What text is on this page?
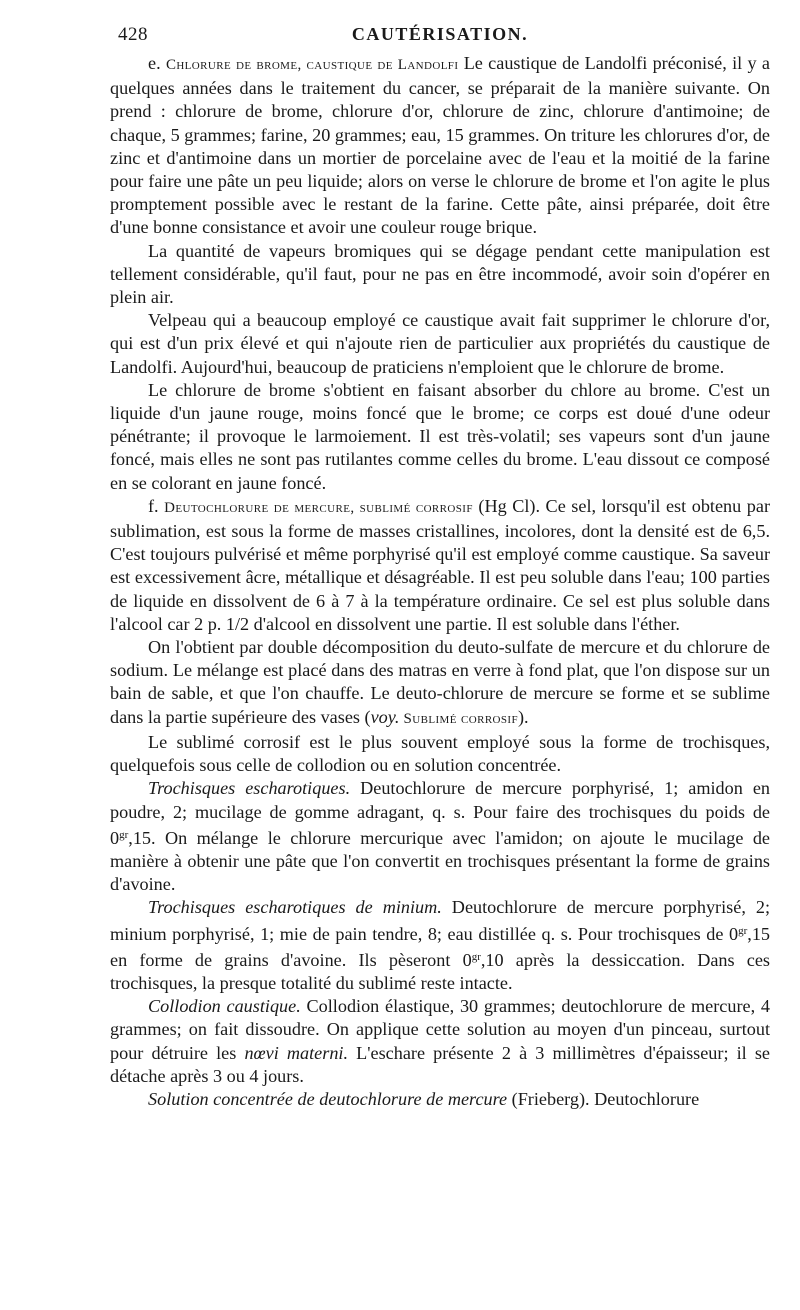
428	CAUTÉRISATION.

e. Chlorure de brome, caustique de Landolfi Le caustique de Landolfi préconisé, il y a quelques années dans le traitement du cancer, se préparait de la manière suivante. On prend : chlorure de brome, chlorure d'or, chlorure de zinc, chlorure d'antimoine; de chaque, 5 grammes; farine, 20 grammes; eau, 15 grammes. On triture les chlorures d'or, de zinc et d'antimoine dans un mortier de porcelaine avec de l'eau et la moitié de la farine pour faire une pâte un peu liquide; alors on verse le chlorure de brome et l'on agite le plus promptement possible avec le restant de la farine. Cette pâte, ainsi préparée, doit être d'une bonne consistance et avoir une couleur rouge brique.

La quantité de vapeurs bromiques qui se dégage pendant cette manipulation est tellement considérable, qu'il faut, pour ne pas en être incommodé, avoir soin d'opérer en plein air.

Velpeau qui a beaucoup employé ce caustique avait fait supprimer le chlorure d'or, qui est d'un prix élevé et qui n'ajoute rien de particulier aux propriétés du caustique de Landolfi. Aujourd'hui, beaucoup de praticiens n'emploient que le chlorure de brome.

Le chlorure de brome s'obtient en faisant absorber du chlore au brome. C'est un liquide d'un jaune rouge, moins foncé que le brome; ce corps est doué d'une odeur pénétrante; il provoque le larmoiement. Il est très-volatil; ses vapeurs sont d'un jaune foncé, mais elles ne sont pas rutilantes comme celles du brome. L'eau dissout ce composé en se colorant en jaune foncé.

f. Deutochlorure de mercure, sublimé corrosif (Hg Cl). Ce sel, lorsqu'il est obtenu par sublimation, est sous la forme de masses cristallines, incolores, dont la densité est de 6,5. C'est toujours pulvérisé et même porphyrisé qu'il est employé comme caustique. Sa saveur est excessivement âcre, métallique et désagréable. Il est peu soluble dans l'eau; 100 parties de liquide en dissolvent de 6 à 7 à la température ordinaire. Ce sel est plus soluble dans l'alcool car 2 p. 1/2 d'alcool en dissolvent une partie. Il est soluble dans l'éther.

On l'obtient par double décomposition du deuto-sulfate de mercure et du chlorure de sodium. Le mélange est placé dans des matras en verre à fond plat, que l'on dispose sur un bain de sable, et que l'on chauffe. Le deuto-chlorure de mercure se forme et se sublime dans la partie supérieure des vases (voy. Sublimé corrosif).

Le sublimé corrosif est le plus souvent employé sous la forme de trochisques, quelquefois sous celle de collodion ou en solution concentrée.

Trochisques escharotiques. Deutochlorure de mercure porphyrisé, 1; amidon en poudre, 2; mucilage de gomme adragant, q. s. Pour faire des trochisques du poids de $0^{gr},15$. On mélange le chlorure mercurique avec l'amidon; on ajoute le mucilage de manière à obtenir une pâte que l'on convertit en trochisques présentant la forme de grains d'avoine.

Trochisques escharotiques de minium. Deutochlorure de mercure porphyrisé, 2; minium porphyrisé, 1; mie de pain tendre, 8; eau distillée q. s. Pour trochisques de $0^{gr},15$ en forme de grains d'avoine. Ils pèseront $0^{gr},10$ après la dessiccation. Dans ces trochisques, la presque totalité du sublimé reste intacte.

Collodion caustique. Collodion élastique, 30 grammes; deutochlorure de mercure, 4 grammes; on fait dissoudre. On applique cette solution au moyen d'un pinceau, surtout pour détruire les nœvi materni. L'eschare présente 2 à 3 millimètres d'épaisseur; il se détache après 3 ou 4 jours.

Solution concentrée de deutochlorure de mercure (Frieberg). Deutochlorure
